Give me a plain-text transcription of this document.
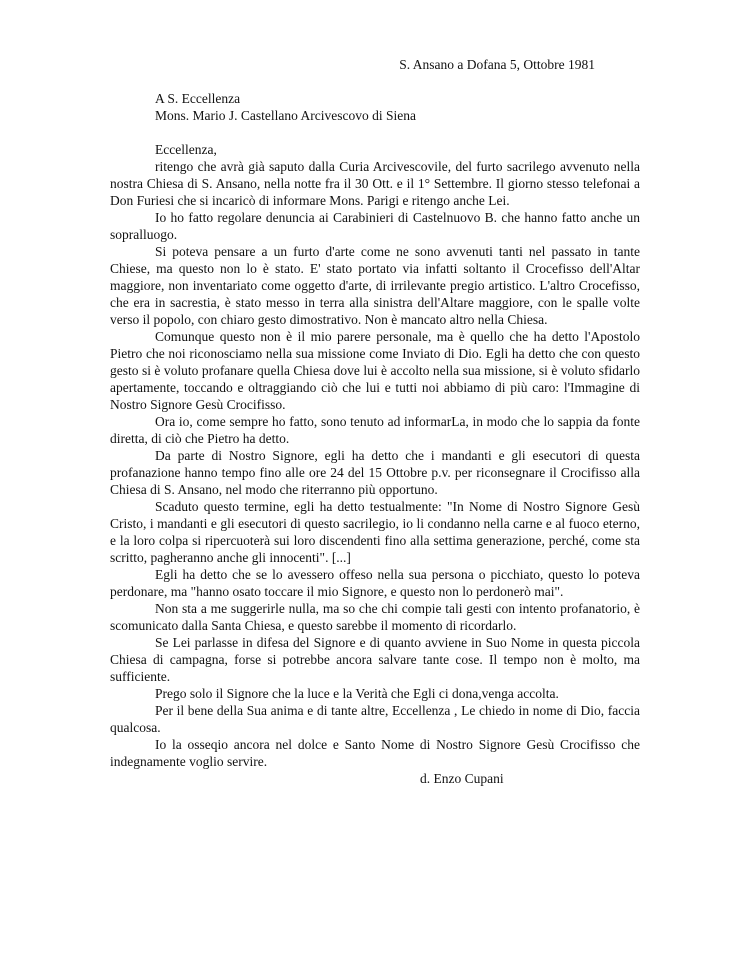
S. Ansano a Dofana 5, Ottobre 1981
A S. Eccellenza
Mons. Mario J. Castellano Arcivescovo di Siena

Eccellenza,

ritengo che avrà già saputo dalla Curia Arcivescovile, del furto sacrilego avvenuto nella nostra Chiesa di S. Ansano, nella notte fra il 30 Ott. e il 1° Settembre. Il giorno stesso telefonai a Don Furiesi che si incaricò di informare Mons. Parigi e ritengo anche Lei.

Io ho fatto regolare denuncia ai Carabinieri di Castelnuovo B. che hanno fatto anche un sopralluogo.

Si poteva pensare a un furto d'arte come ne sono avvenuti tanti nel passato in tante Chiese, ma questo non lo è stato. E' stato portato via infatti soltanto il Crocefisso dell'Altar maggiore, non inventariato come oggetto d'arte, di irrilevante pregio artistico. L'altro Crocefisso, che era in sacrestia, è stato messo in terra alla sinistra dell'Altare maggiore, con le spalle volte verso il popolo, con chiaro gesto dimostrativo. Non è mancato altro nella Chiesa.

Comunque questo non è il mio parere personale, ma è quello che ha detto l'Apostolo Pietro che noi riconosciamo nella sua missione come Inviato di Dio. Egli ha detto che con questo gesto si è voluto profanare quella Chiesa dove lui è accolto nella sua missione, si è voluto sfidarlo apertamente, toccando e oltraggiando ciò che lui e tutti noi abbiamo di più caro: l'Immagine di Nostro Signore Gesù Crocifisso.

Ora io, come sempre ho fatto, sono tenuto ad informarLa, in modo che lo sappia da fonte diretta, di ciò che Pietro ha detto.

Da parte di Nostro Signore, egli ha detto che i mandanti e gli esecutori di questa profanazione hanno tempo fino alle ore 24 del 15 Ottobre p.v. per riconsegnare il Crocifisso alla Chiesa di S. Ansano, nel modo che riterranno più opportuno.

Scaduto questo termine, egli ha detto testualmente: "In Nome di Nostro Signore Gesù Cristo, i mandanti e gli esecutori di questo sacrilegio, io li condanno nella carne e al fuoco eterno, e la loro colpa si ripercuoterà sui loro discendenti fino alla settima generazione, perché, come sta scritto, pagheranno anche gli innocenti". [...]

Egli ha detto che se lo avessero offeso nella sua persona o picchiato, questo lo poteva perdonare, ma "hanno osato toccare il mio Signore, e questo non lo perdonerò mai".

Non sta a me suggerirle nulla, ma so che chi compie tali gesti con intento profanatorio, è scomunicato dalla Santa Chiesa, e questo sarebbe il momento di ricordarlo.

Se Lei parlasse in difesa del Signore e di quanto avviene in Suo Nome in questa piccola Chiesa di campagna, forse si potrebbe ancora salvare tante cose. Il tempo non è molto, ma sufficiente.

Prego solo il Signore che la luce e la Verità che Egli ci dona,venga accolta.

Per il bene della Sua anima e di tante altre, Eccellenza , Le chiedo in nome di Dio, faccia qualcosa.

Io la osseqio ancora nel dolce e Santo Nome di Nostro Signore Gesù Crocifisso che indegnamente voglio servire.

d. Enzo Cupani
